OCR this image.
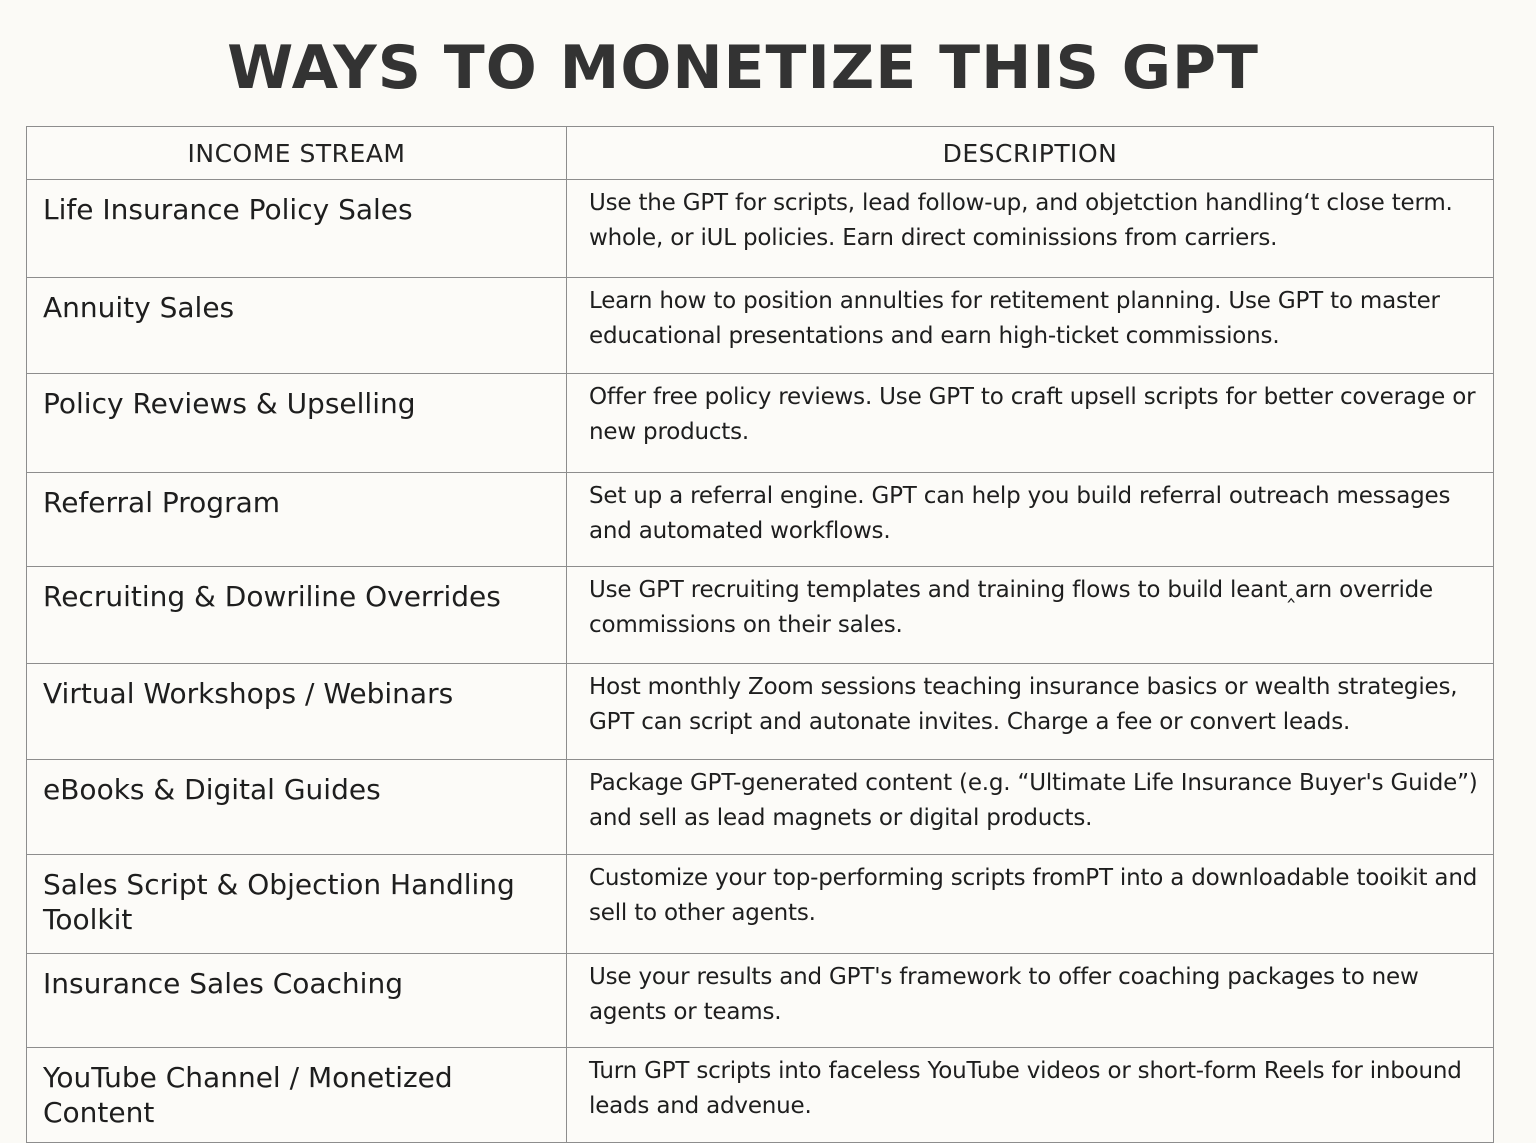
WAYS TO MONETIZE THIS GPT
INCOME STREAM	DESCRIPTION
Life Insurance Policy Sales	Use the GPT for scripts, lead follow-up, and objetction handling‘t close term. whole, or iUL policies. Earn direct cominissions from carriers.
Annuity Sales	Learn how to position annulties for retitement planning. Use GPT to master educational presentations and earn high-ticket commissions.
Policy Reviews & Upselling	Offer free policy reviews. Use GPT to craft upsell scripts for better coverage or new products.
Referral Program	Set up a referral engine. GPT can help you build referral outreach messages and automated workflows.
Recruiting & Dowriline Overrides	Use GPT recruiting templates and training flows to build leant‸arn override commissions on their sales.
Virtual Workshops / Webinars	Host monthly Zoom sessions teaching insurance basics or wealth strategies, GPT can script and autonate invites. Charge a fee or convert leads.
eBooks & Digital Guides	Package GPT-generated content (e.g. “Ultimate Life Insurance Buyer's Guide”) and sell as lead magnets or digital products.
Sales Script & Objection Handling Toolkit	Customize your top-performing scripts fromPT into a downloadable tooikit and sell to other agents.
Insurance Sales Coaching	Use your results and GPT's framework to offer coaching packages to new agents or teams.
YouTube Channel / Monetized Content	Turn GPT scripts into faceless YouTube videos or short-form Reels for inbound leads and advenue.
